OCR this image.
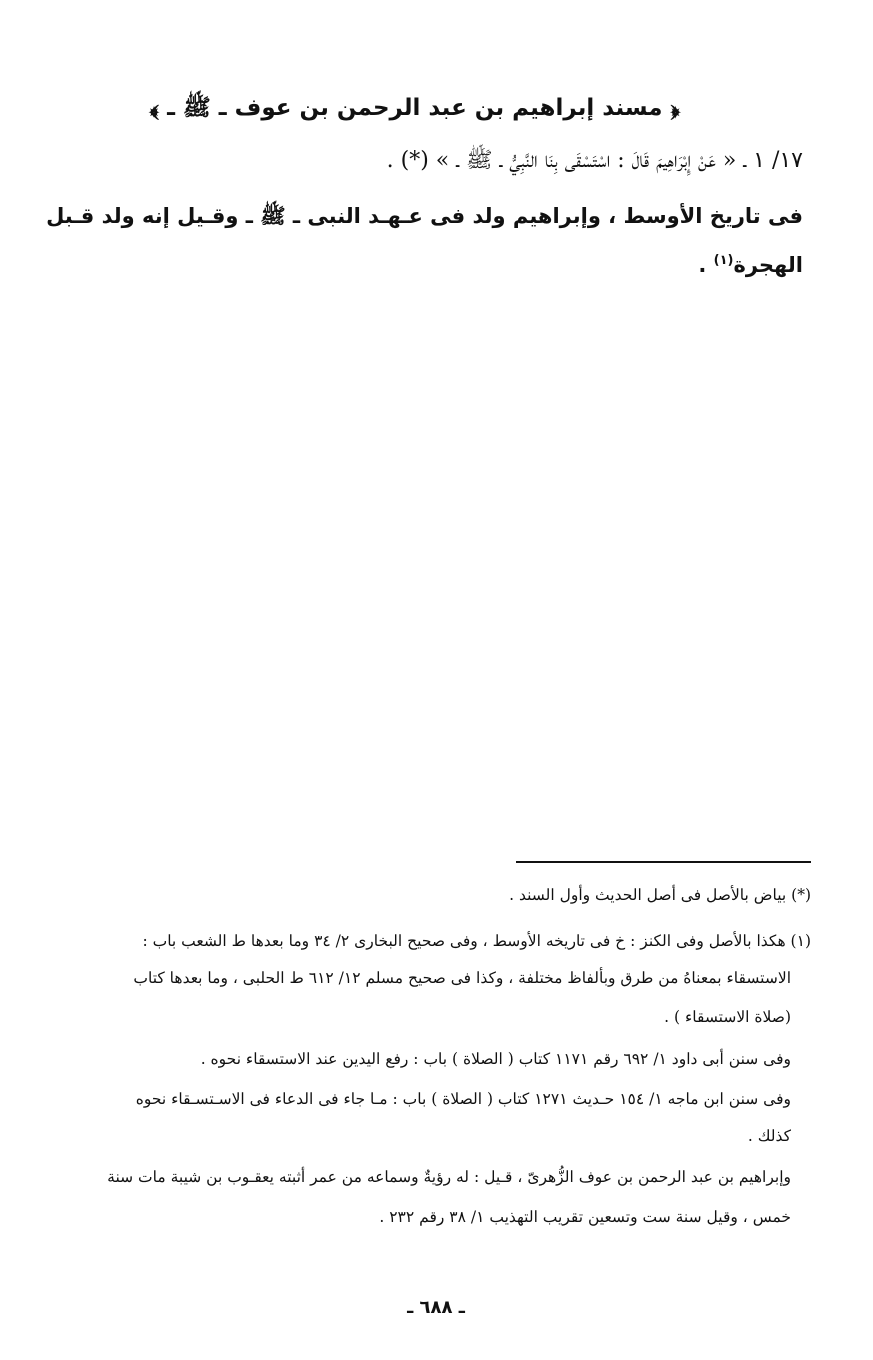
﴿ مسند إبراهيم بن عبد الرحمن بن عوف ـ ﷺ ـ ﴾
١٧/ ١ ـ « عَنْ إِبْرَاهِيمَ قَالَ : اسْتَسْقَى بِنَا النَّبِيُّ ـ ﷺ ـ » (*) .
فى تاريخ الأوسط ، وإبراهيم ولد فى عـهـد النبى ـ ﷺ ـ وقـيل إنه ولد قـبل
الهجرة$^{(١)}$ .
(*) بياض بالأصل فى أصل الحديث وأول السند .
(١) هكذا بالأصل وفى الكنز : خ فى تاريخه الأوسط ، وفى صحيح البخارى ٢/ ٣٤ وما بعدها ط الشعب باب :
الاستسقاء بمعناهُ من طرق وبألفاظ مختلفة ، وكذا فى صحيح مسلم ١٢/ ٦١٢ ط الحلبى ، وما بعدها كتاب
(صلاة الاستسقاء ) .
وفى سنن أبى داود ١/ ٦٩٢ رقم ١١٧١ كتاب ( الصلاة ) باب : رفع اليدين عند الاستسقاء نحوه .
وفى سنن ابن ماجه ١/ ١٥٤ حـديث ١٢٧١ كتاب ( الصلاة ) باب : مـا جاء فى الدعاء فى الاسـتسـقاء نحوه
كذلك .
وإبراهيم بن عبد الرحمن بن عوف الزُّهرىّ ، قـيل : له رؤيةٌ وسماعه من عمر أثبته يعقـوب بن شيبة مات سنة
خمس ، وقيل سنة ست وتسعين تقريب التهذيب ١/ ٣٨ رقم ٢٣٢ .
ـ ٦٨٨ ـ
